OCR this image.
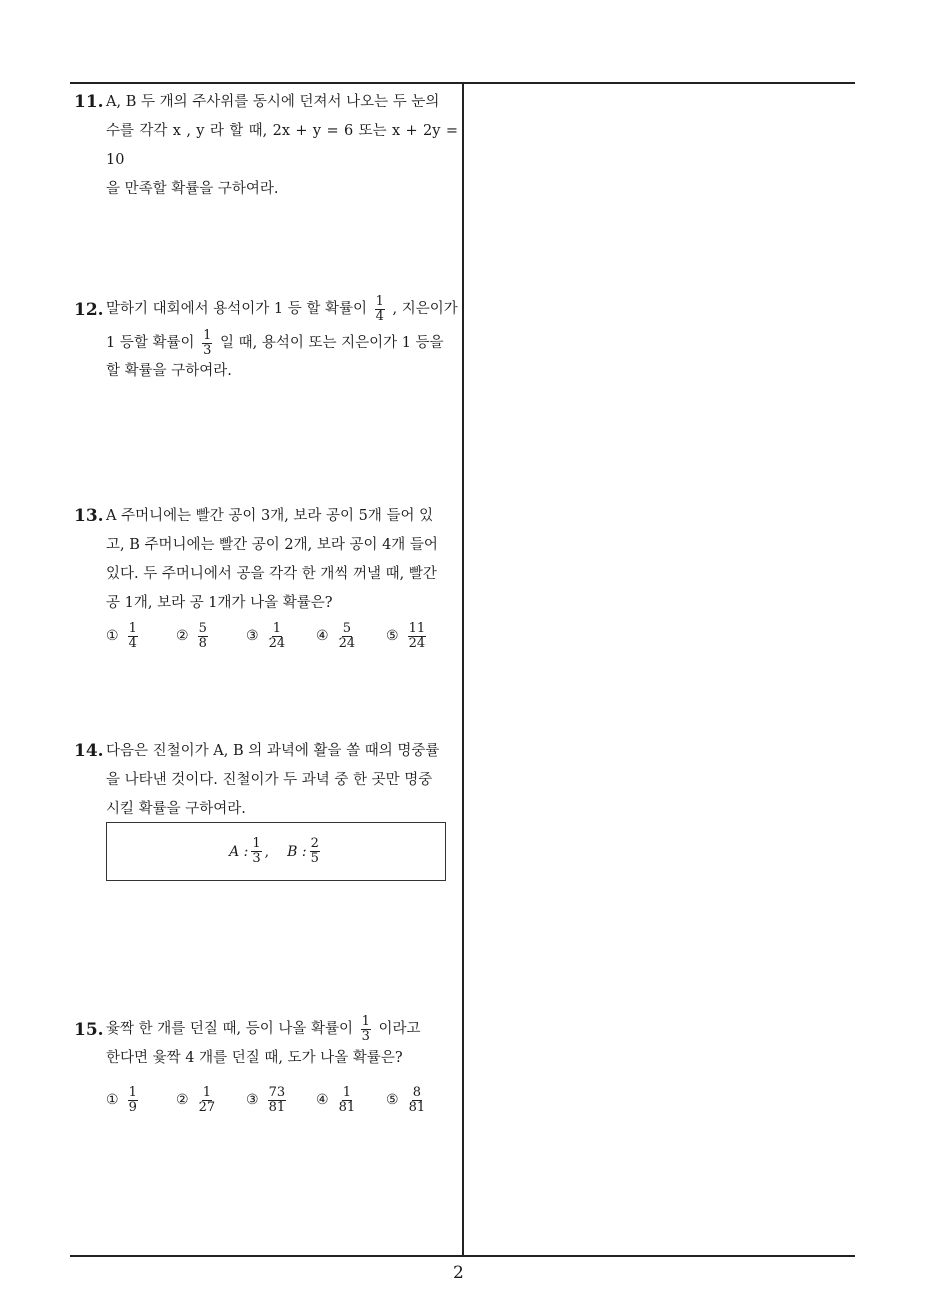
11. A, B 두 개의 주사위를 동시에 던져서 나오는 두 눈의
수를 각각 x , y 라 할 때, 2x + y = 6 또는 x + 2y = 10
을 만족할 확률을 구하여라.
12. 말하기 대회에서 용석이가 1 등 할 확률이 $\frac{1}{4}$ , 지은이가
1 등할 확률이 $\frac{1}{3}$ 일 때, 용석이 또는 지은이가 1 등을
할 확률을 구하여라.
13. A 주머니에는 빨간 공이 3개, 보라 공이 5개 들어 있
고, B 주머니에는 빨간 공이 2개, 보라 공이 4개 들어
있다. 두 주머니에서 공을 각각 한 개씩 꺼낼 때, 빨간
공 1개, 보라 공 1개가 나올 확률은?
① $\frac{1}{4}$	② $\frac{5}{8}$	③ $\frac{1}{24}$ ④ $\frac{5}{24}$ ⑤ $\frac{11}{24}$
14. 다음은 진철이가 A, B 의 과녁에 활을 쏠 때의 명중률
을 나타낸 것이다. 진철이가 두 과녁 중 한 곳만 명중
시킬 확률을 구하여라.
A : $\frac{1}{3}$ , B : $\frac{2}{5}$
15. 윷짝 한 개를 던질 때, 등이 나올 확률이 $\frac{1}{3}$ 이라고
한다면 윷짝 4 개를 던질 때, 도가 나올 확률은?
① $\frac{1}{9}$	② $\frac{1}{27}$ ③ $\frac{73}{81}$ ④ $\frac{1}{81}$ ⑤ $\frac{8}{81}$
2
